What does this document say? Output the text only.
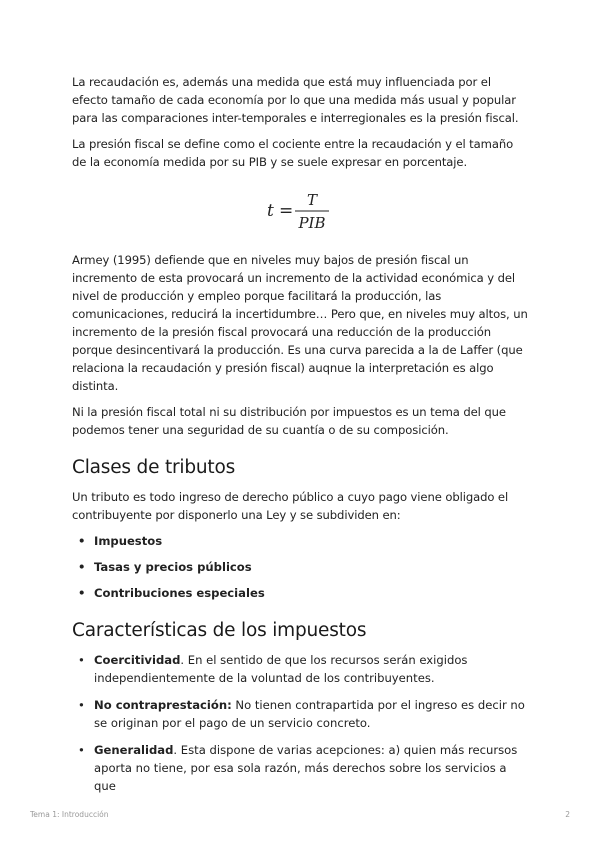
La recaudación es, además una medida que está muy influenciada por el efecto tamaño de cada economía por lo que una medida más usual y popular para las comparaciones inter-temporales e interregionales es la presión fiscal.

La presión fiscal se define como el cociente entre la recaudación y el tamaño de la economía medida por su PIB y se suele expresar en porcentaje.

t =
T
PIB

Armey (1995) defiende que en niveles muy bajos de presión fiscal un incremento de esta provocará un incremento de la actividad económica y del nivel de producción y empleo porque facilitará la producción, las comunicaciones, reducirá la incertidumbre… Pero que, en niveles muy altos, un incremento de la presión fiscal provocará una reducción de la producción porque desincentivará la producción. Es una curva parecida a la de Laffer (que relaciona la recaudación y presión fiscal) auqnue la interpretación es algo distinta.

Ni la presión fiscal total ni su distribución por impuestos es un tema del que podemos tener una seguridad de su cuantía o de su composición.

Clases de tributos

Un tributo es todo ingreso de derecho público a cuyo pago viene obligado el contribuyente por disponerlo una Ley y se subdividen en:

• Impuestos
• Tasas y precios públicos
• Contribuciones especiales
Características de los impuestos
• Coercitividad. En el sentido de que los recursos serán exigidos independientemente de la voluntad de los contribuyentes.
• No contraprestación: No tienen contrapartida por el ingreso es decir no se originan por el pago de un servicio concreto.
• Generalidad. Esta dispone de varias acepciones: a) quien más recursos aporta no tiene, por esa sola razón, más derechos sobre los servicios a que
Tema 1: Introducción	2
